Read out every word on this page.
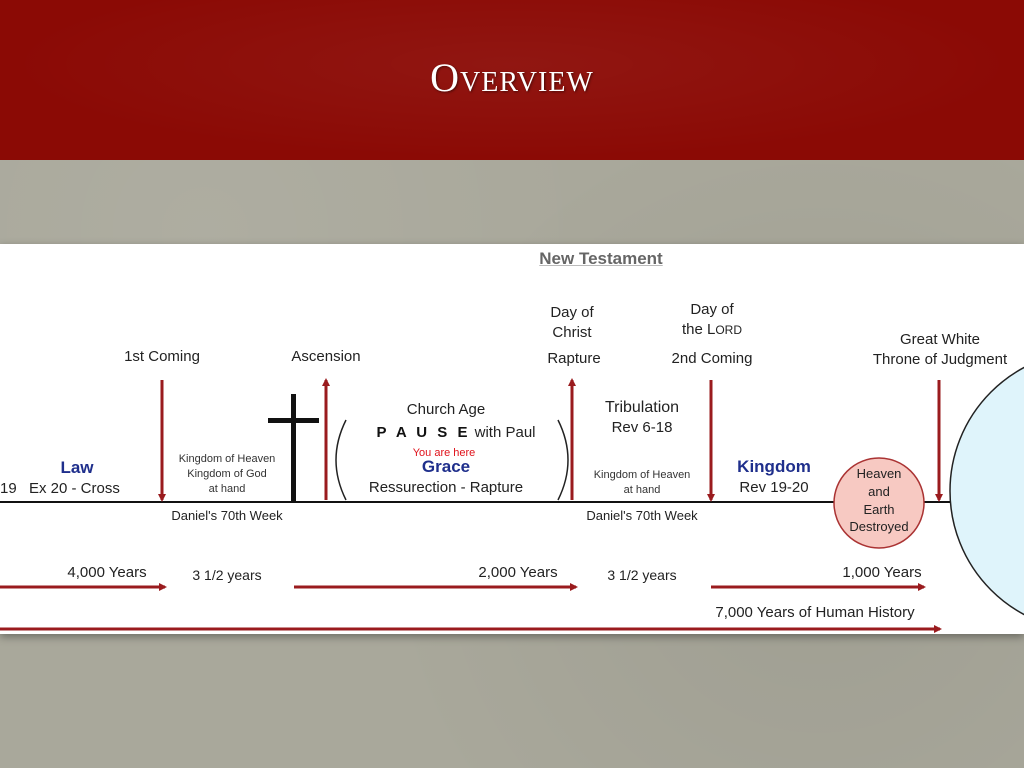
Overview
New Testament
1st Coming	Ascension
Day of
Christ
Rapture
Day of
the LORD
2nd Coming
Great White
Throne of Judgment
Law
19 Ex 20 - Cross
Kingdom of Heaven
Kingdom of God
at hand
Church Age
P A U S E with Paul
You are here
Grace
Ressurection - Rapture
Tribulation
Rev 6-18
Kingdom of Heaven
at hand
Kingdom
Rev 19-20
Heaven
and
Earth
Destroyed
Daniel's 70th Week	Daniel's 70th Week
4,000 Years	3 1/2 years	2,000 Years	3 1/2 years	1,000 Years
7,000 Years of Human History
